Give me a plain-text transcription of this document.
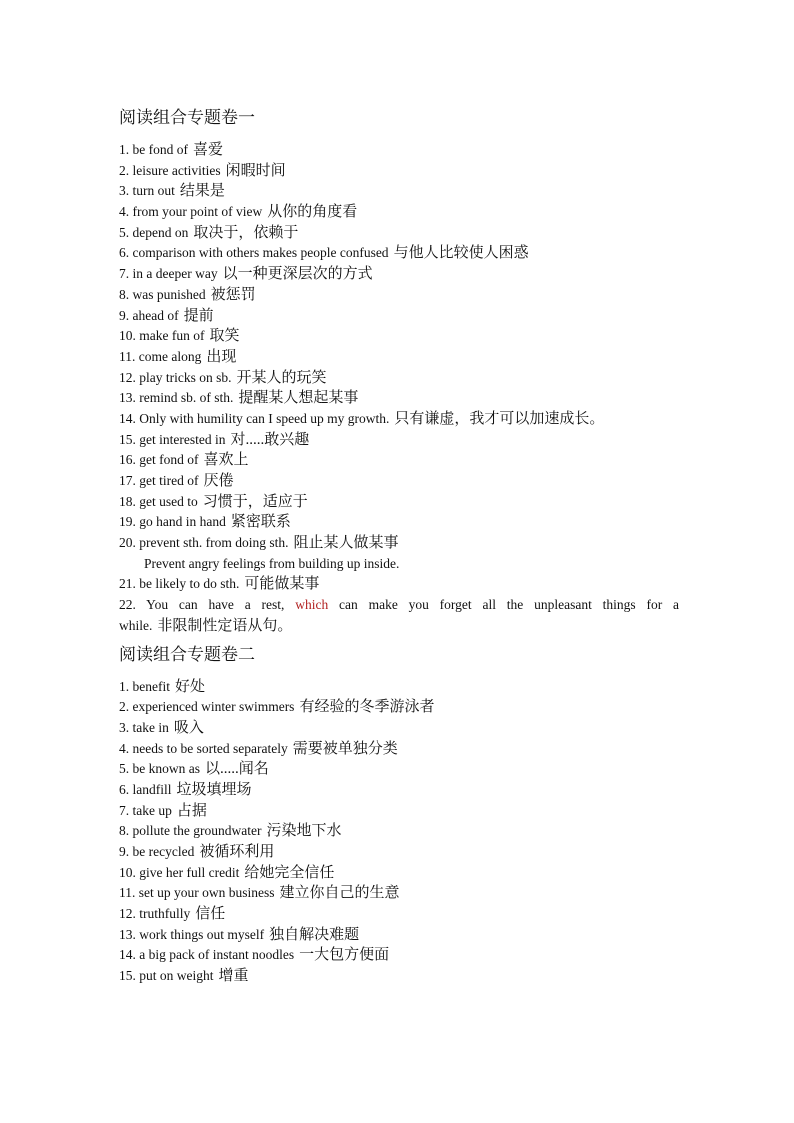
阅读组合专题卷一
1. be fond of 喜爱
2. leisure activities 闲暇时间
3. turn out 结果是
4. from your point of view 从你的角度看
5. depend on 取决于，依赖于
6. comparison with others makes people confused 与他人比较使人困惑
7. in a deeper way 以一种更深层次的方式
8. was punished 被惩罚
9. ahead of 提前
10. make fun of 取笑
11. come along 出现
12. play tricks on sb. 开某人的玩笑
13. remind sb. of sth. 提醒某人想起某事
14. Only with humility can I speed up my growth. 只有谦虚，我才可以加速成长。
15. get interested in 对.....敢兴趣
16. get fond of 喜欢上
17. get tired of 厌倦
18. get used to 习惯于，适应于
19. go hand in hand 紧密联系
20. prevent sth. from doing sth. 阻止某人做某事
Prevent angry feelings from building up inside.
21. be likely to do sth. 可能做某事
22. You can have a rest, which can make you forget all the unpleasant things for a
while. 非限制性定语从句。
阅读组合专题卷二
1. benefit 好处
2. experienced winter swimmers 有经验的冬季游泳者
3. take in 吸入
4. needs to be sorted separately 需要被单独分类
5. be known as 以.....闻名
6. landfill 垃圾填埋场
7. take up 占据
8. pollute the groundwater 污染地下水
9. be recycled 被循环利用
10. give her full credit 给她完全信任
11. set up your own business 建立你自己的生意
12. truthfully 信任
13. work things out myself 独自解决难题
14. a big pack of instant noodles 一大包方便面
15. put on weight 增重
